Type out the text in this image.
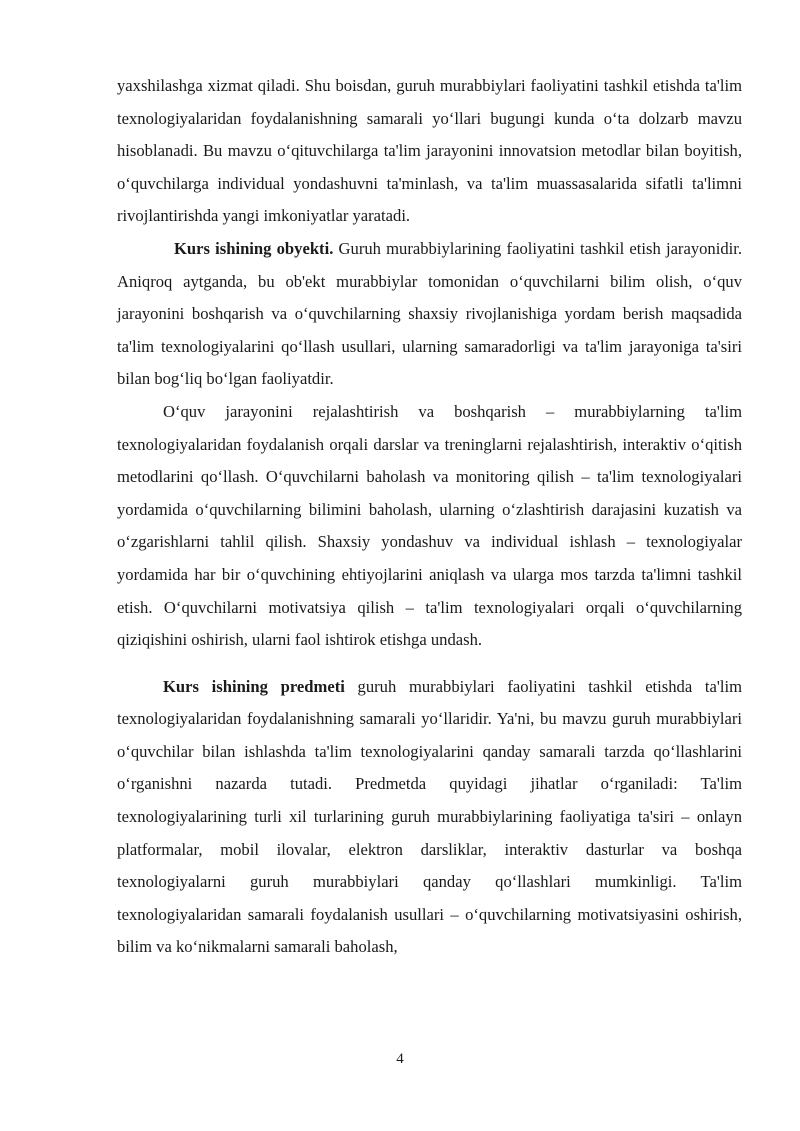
yaxshilashga xizmat qiladi. Shu boisdan, guruh murabbiylari faoliyatini tashkil etishda ta'lim texnologiyalaridan foydalanishning samarali yo‘llari bugungi kunda o‘ta dolzarb mavzu hisoblanadi. Bu mavzu o‘qituvchilarga ta'lim jarayonini innovatsion metodlar bilan boyitish, o‘quvchilarga individual yondashuvni ta'minlash, va ta'lim muassasalarida sifatli ta'limni rivojlantirishda yangi imkoniyatlar yaratadi.

Kurs ishining obyekti. Guruh murabbiylarining faoliyatini tashkil etish jarayonidir. Aniqroq aytganda, bu ob'ekt murabbiylar tomonidan o‘quvchilarni bilim olish, o‘quv jarayonini boshqarish va o‘quvchilarning shaxsiy rivojlanishiga yordam berish maqsadida ta'lim texnologiyalarini qo‘llash usullari, ularning samaradorligi va ta'lim jarayoniga ta'siri bilan bog‘liq bo‘lgan faoliyatdir.

O‘quv jarayonini rejalashtirish va boshqarish – murabbiylarning ta'lim texnologiyalaridan foydalanish orqali darslar va treninglarni rejalashtirish, interaktiv o‘qitish metodlarini qo‘llash. O‘quvchilarni baholash va monitoring qilish – ta'lim texnologiyalari yordamida o‘quvchilarning bilimini baholash, ularning o‘zlashtirish darajasini kuzatish va o‘zgarishlarni tahlil qilish. Shaxsiy yondashuv va individual ishlash – texnologiyalar yordamida har bir o‘quvchining ehtiyojlarini aniqlash va ularga mos tarzda ta'limni tashkil etish. O‘quvchilarni motivatsiya qilish – ta'lim texnologiyalari orqali o‘quvchilarning qiziqishini oshirish, ularni faol ishtirok etishga undash.

Kurs ishining predmeti guruh murabbiylari faoliyatini tashkil etishda ta'lim texnologiyalaridan foydalanishning samarali yo‘llaridir. Ya'ni, bu mavzu guruh murabbiylari o‘quvchilar bilan ishlashda ta'lim texnologiyalarini qanday samarali tarzda qo‘llashlarini o‘rganishni nazarda tutadi. Predmetda quyidagi jihatlar o‘rganiladi: Ta'lim texnologiyalarining turli xil turlarining guruh murabbiylarining faoliyatiga ta'siri – onlayn platformalar, mobil ilovalar, elektron darsliklar, interaktiv dasturlar va boshqa texnologiyalarni guruh murabbiylari qanday qo‘llashlari mumkinligi. Ta'lim texnologiyalaridan samarali foydalanish usullari – o‘quvchilarning motivatsiyasini oshirish, bilim va ko‘nikmalarni samarali baholash,

4
